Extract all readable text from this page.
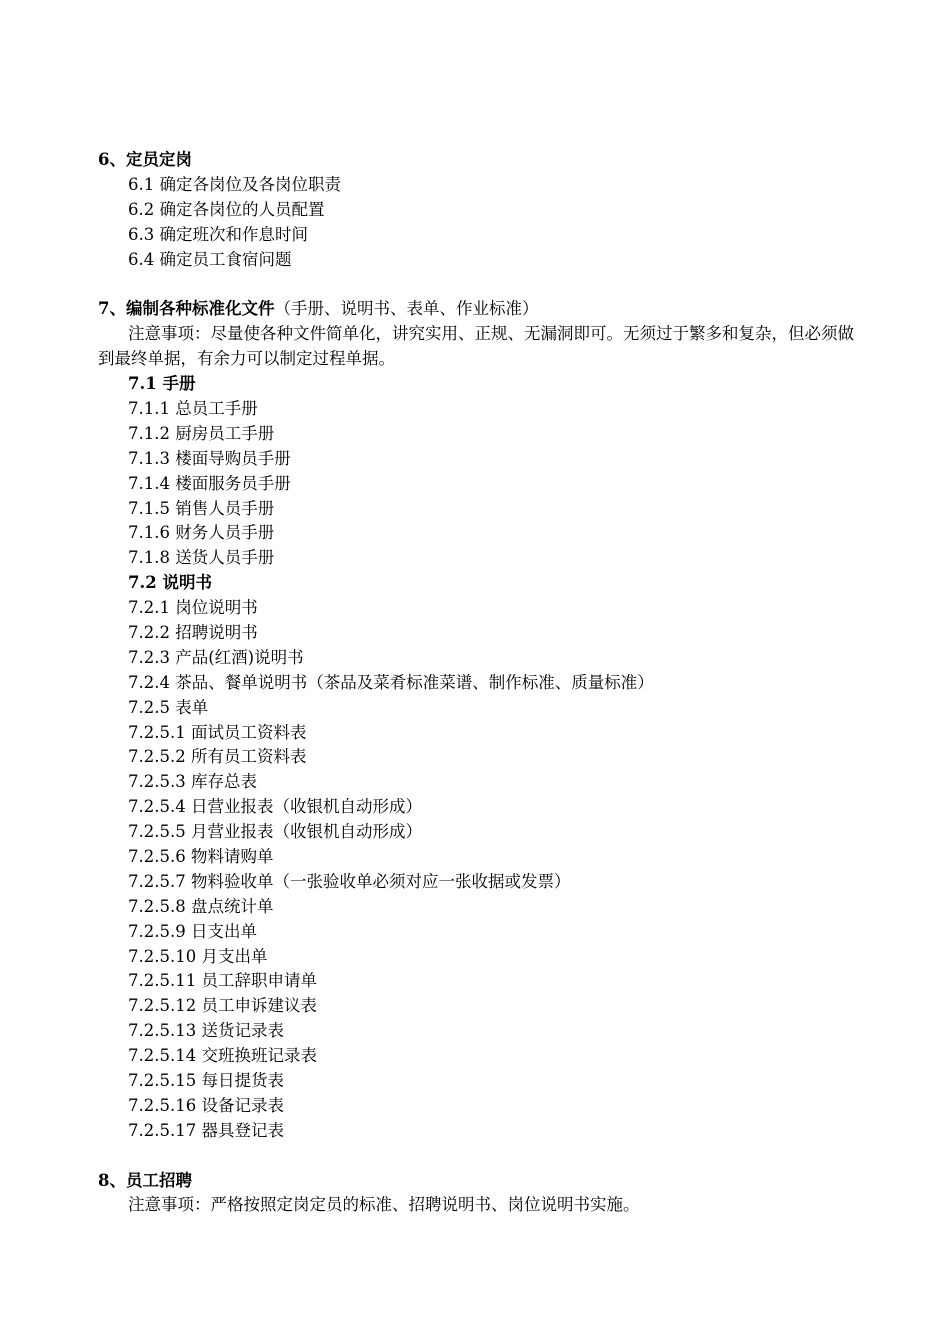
6、定员定岗
6.1 确定各岗位及各岗位职责
6.2 确定各岗位的人员配置
6.3 确定班次和作息时间
6.4 确定员工食宿问题
7、编制各种标准化文件（手册、说明书、表单、作业标准）
注意事项：尽量使各种文件简单化，讲究实用、正规、无漏洞即可。无须过于繁多和复杂，但必须做到最终单据，有余力可以制定过程单据。
7.1 手册
7.1.1 总员工手册
7.1.2 厨房员工手册
7.1.3 楼面导购员手册
7.1.4 楼面服务员手册
7.1.5 销售人员手册
7.1.6 财务人员手册
7.1.8 送货人员手册
7.2 说明书
7.2.1 岗位说明书
7.2.2 招聘说明书
7.2.3 产品(红酒)说明书
7.2.4 茶品、餐单说明书（茶品及菜肴标准菜谱、制作标准、质量标准）
7.2.5 表单
7.2.5.1 面试员工资料表
7.2.5.2 所有员工资料表
7.2.5.3 库存总表
7.2.5.4 日营业报表（收银机自动形成）
7.2.5.5 月营业报表（收银机自动形成）
7.2.5.6 物料请购单
7.2.5.7 物料验收单（一张验收单必须对应一张收据或发票）
7.2.5.8 盘点统计单
7.2.5.9 日支出单
7.2.5.10 月支出单
7.2.5.11 员工辞职申请单
7.2.5.12 员工申诉建议表
7.2.5.13 送货记录表
7.2.5.14 交班换班记录表
7.2.5.15 每日提货表
7.2.5.16 设备记录表
7.2.5.17 器具登记表
8、员工招聘
注意事项：严格按照定岗定员的标准、招聘说明书、岗位说明书实施。
